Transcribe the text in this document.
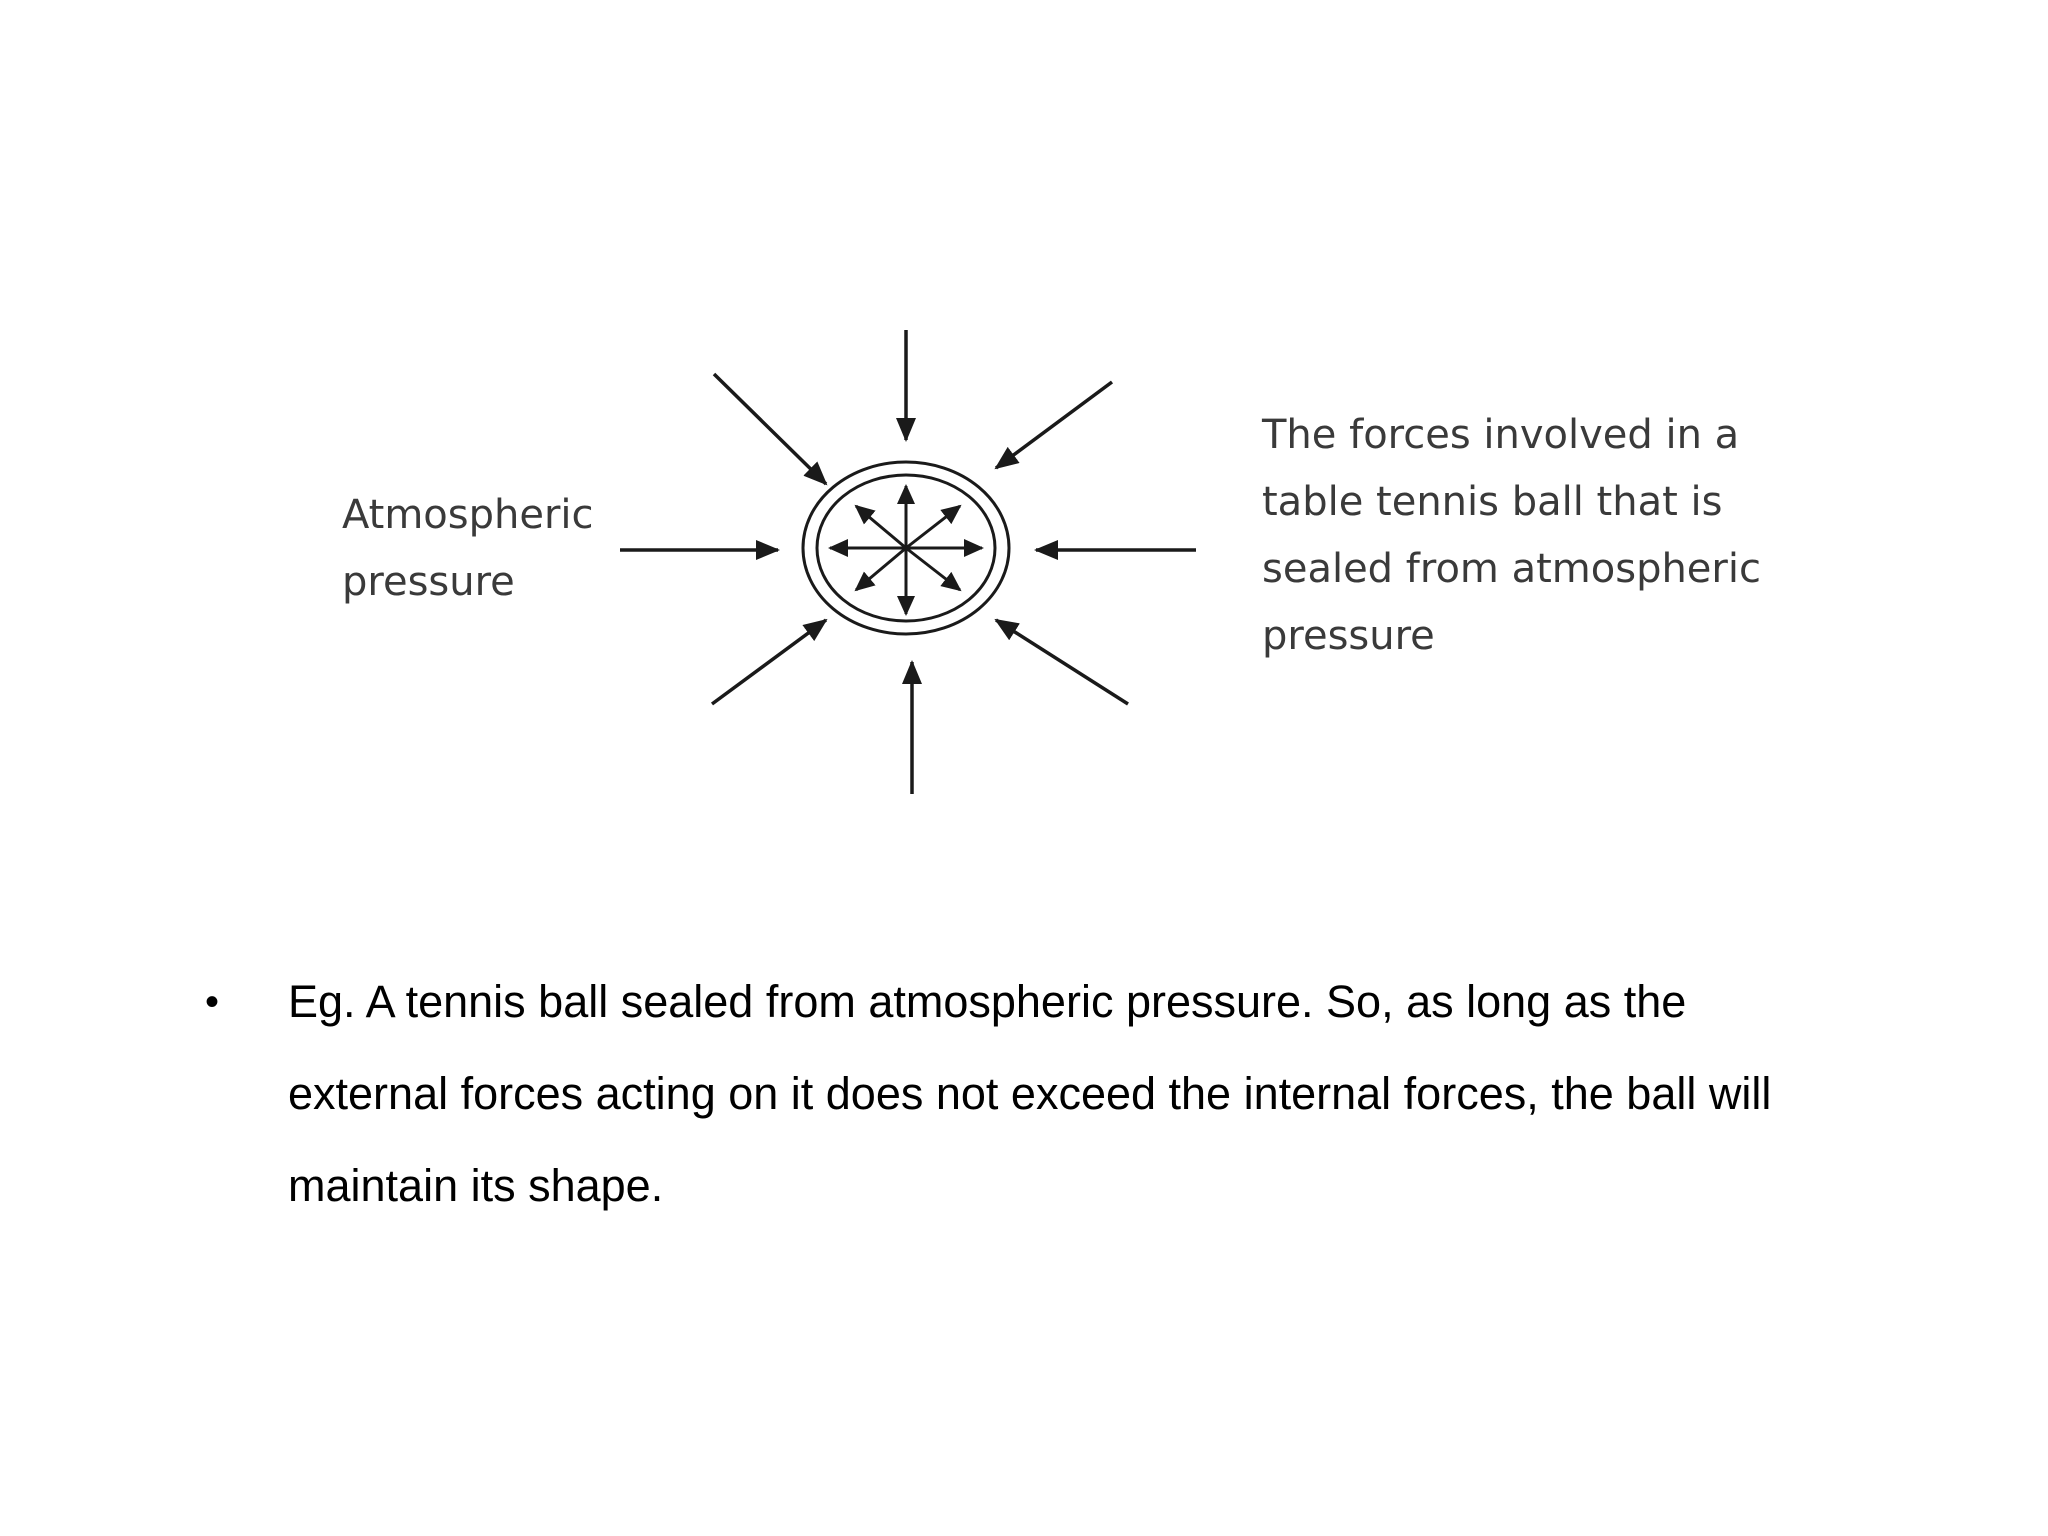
Atmospheric
pressure
The forces involved in a
table tennis ball that is
sealed from atmospheric
pressure
• Eg. A tennis ball sealed from atmospheric pressure. So, as long as the
external forces acting on it does not exceed the internal forces, the ball will
maintain its shape.
